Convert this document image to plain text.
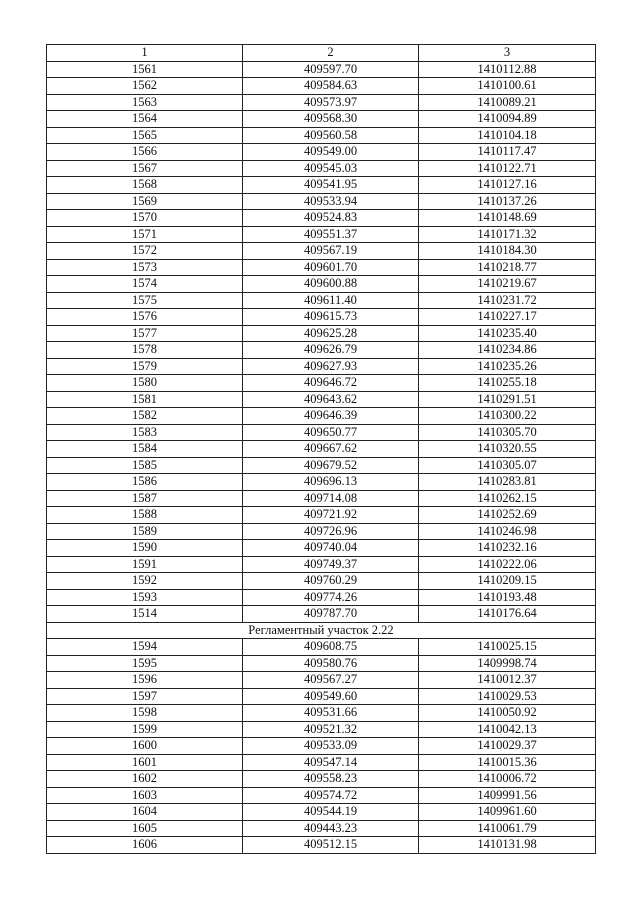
1	2	3
1561	409597.70	1410112.88
1562	409584.63	1410100.61
1563	409573.97	1410089.21
1564	409568.30	1410094.89
1565	409560.58	1410104.18
1566	409549.00	1410117.47
1567	409545.03	1410122.71
1568	409541.95	1410127.16
1569	409533.94	1410137.26
1570	409524.83	1410148.69
1571	409551.37	1410171.32
1572	409567.19	1410184.30
1573	409601.70	1410218.77
1574	409600.88	1410219.67
1575	409611.40	1410231.72
1576	409615.73	1410227.17
1577	409625.28	1410235.40
1578	409626.79	1410234.86
1579	409627.93	1410235.26
1580	409646.72	1410255.18
1581	409643.62	1410291.51
1582	409646.39	1410300.22
1583	409650.77	1410305.70
1584	409667.62	1410320.55
1585	409679.52	1410305.07
1586	409696.13	1410283.81
1587	409714.08	1410262.15
1588	409721.92	1410252.69
1589	409726.96	1410246.98
1590	409740.04	1410232.16
1591	409749.37	1410222.06
1592	409760.29	1410209.15
1593	409774.26	1410193.48
1514	409787.70	1410176.64
Регламентный участок 2.22		
1594	409608.75	1410025.15
1595	409580.76	1409998.74
1596	409567.27	1410012.37
1597	409549.60	1410029.53
1598	409531.66	1410050.92
1599	409521.32	1410042.13
1600	409533.09	1410029.37
1601	409547.14	1410015.36
1602	409558.23	1410006.72
1603	409574.72	1409991.56
1604	409544.19	1409961.60
1605	409443.23	1410061.79
1606	409512.15	1410131.98
